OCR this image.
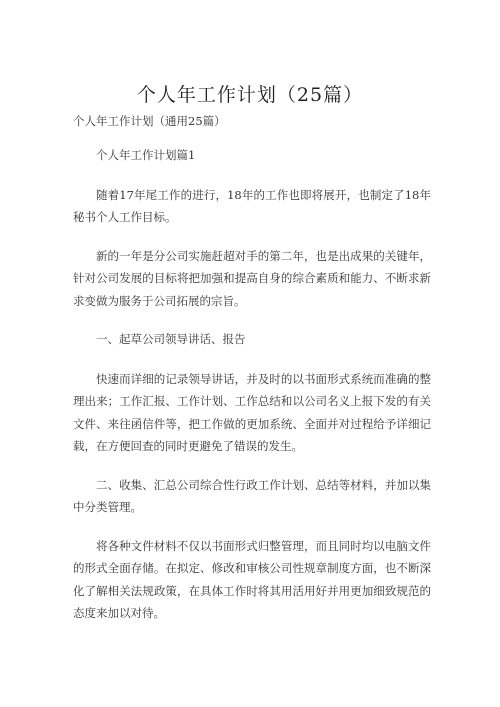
个人年工作计划（25篇）
个人年工作计划（通用25篇）

个人年工作计划篇1

随着17年尾工作的进行，18年的工作也即将展开，也制定了18年秘书个人工作目标。

新的一年是分公司实施赶超对手的第二年，也是出成果的关键年，针对公司发展的目标将把加强和提高自身的综合素质和能力、不断求新求变做为服务于公司拓展的宗旨。

一、起草公司领导讲话、报告

快速而详细的记录领导讲话，并及时的以书面形式系统而准确的整理出来；工作汇报、工作计划、工作总结和以公司名义上报下发的有关文件、来往函信件等，把工作做的更加系统、全面并对过程给予详细记载，在方便回查的同时更避免了错误的发生。

二、收集、汇总公司综合性行政工作计划、总结等材料，并加以集中分类管理。

将各种文件材料不仅以书面形式归整管理，而且同时均以电脑文件的形式全面存储。在拟定、修改和审核公司性规章制度方面，也不断深化了解相关法规政策，在具体工作时将其用活用好并用更加细致规范的态度来加以对待。
